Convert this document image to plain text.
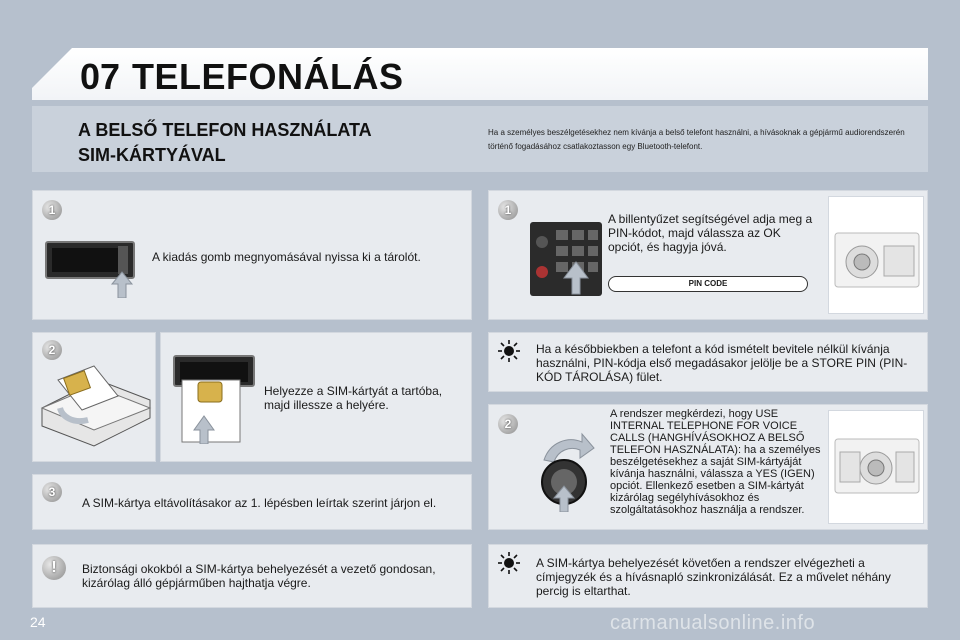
07 TELEFONÁLÁS
A BELSŐ TELEFON HASZNÁLATA
SIM-KÁRTYÁVAL
Ha a személyes beszélgetésekhez nem kívánja a belső telefont használni, a hívásoknak a gépjármű audiorendszerén történő fogadásához csatlakoztasson egy Bluetooth-telefont.
1
A kiadás gomb megnyomásával nyissa ki a tárolót.
2
Helyezze a SIM-kártyát a tartóba, majd illessze a helyére.
3
A SIM-kártya eltávolításakor az 1. lépésben leírtak szerint járjon el.
!	Biztonsági okokból a SIM-kártya behelyezését a vezető gondosan, kizárólag álló gépjárműben hajthatja végre.
1
A billentyűzet segítségével adja meg a PIN-kódot, majd válassza az OK opciót, és hagyja jóvá.
PIN CODE
Ha a későbbiekben a telefont a kód ismételt bevitele nélkül kívánja használni, PIN-kódja első megadásakor jelölje be a STORE PIN (PIN-KÓD TÁROLÁSA) fület.
2
A rendszer megkérdezi, hogy USE INTERNAL TELEPHONE FOR VOICE CALLS (HANGHÍVÁSOKHOZ A BELSŐ TELEFON HASZNÁLATA): ha a személyes beszélgetésekhez a saját SIM-kártyáját kívánja használni, válassza a YES (IGEN) opciót. Ellenkező esetben a SIM-kártyát kizárólag segélyhívásokhoz és szolgáltatásokhoz használja a rendszer.
A SIM-kártya behelyezését követően a rendszer elvégezheti a címjegyzék és a hívásnapló szinkronizálását. Ez a művelet néhány percig is eltarthat.
24	carmanualsonline.info
